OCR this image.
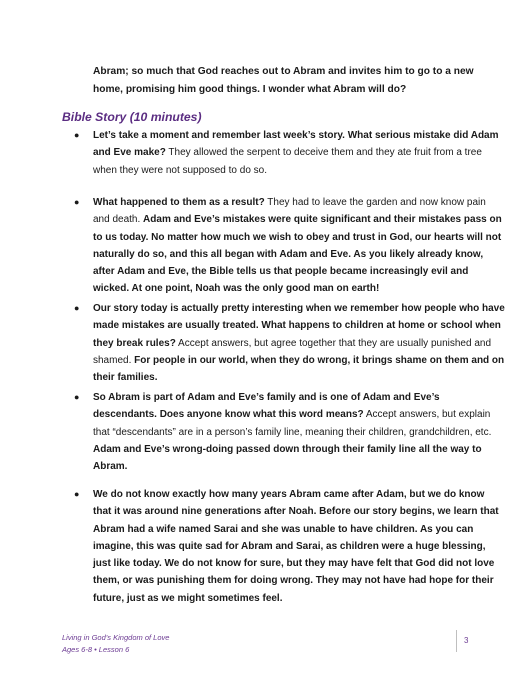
Abram; so much that God reaches out to Abram and invites him to go to a new home, promising him good things. I wonder what Abram will do?
Bible Story (10 minutes)
● Let’s take a moment and remember last week’s story. What serious mistake did Adam and Eve make? They allowed the serpent to deceive them and they ate fruit from a tree when they were not supposed to do so.
● What happened to them as a result? They had to leave the garden and now know pain and death. Adam and Eve’s mistakes were quite significant and their mistakes pass on to us today. No matter how much we wish to obey and trust in God, our hearts will not naturally do so, and this all began with Adam and Eve. As you likely already know, after Adam and Eve, the Bible tells us that people became increasingly evil and wicked. At one point, Noah was the only good man on earth!
● Our story today is actually pretty interesting when we remember how people who have made mistakes are usually treated. What happens to children at home or school when they break rules? Accept answers, but agree together that they are usually punished and shamed. For people in our world, when they do wrong, it brings shame on them and on their families.
● So Abram is part of Adam and Eve’s family and is one of Adam and Eve’s descendants. Does anyone know what this word means? Accept answers, but explain that “descendants” are in a person’s family line, meaning their children, grandchildren, etc. Adam and Eve’s wrong-doing passed down through their family line all the way to Abram.
● We do not know exactly how many years Abram came after Adam, but we do know that it was around nine generations after Noah. Before our story begins, we learn that Abram had a wife named Sarai and she was unable to have children. As you can imagine, this was quite sad for Abram and Sarai, as children were a huge blessing, just like today. We do not know for sure, but they may have felt that God did not love them, or was punishing them for doing wrong. They may not have had hope for their future, just as we might sometimes feel.
Living in God’s Kingdom of Love
Ages 6-8 • Lesson 6
3
